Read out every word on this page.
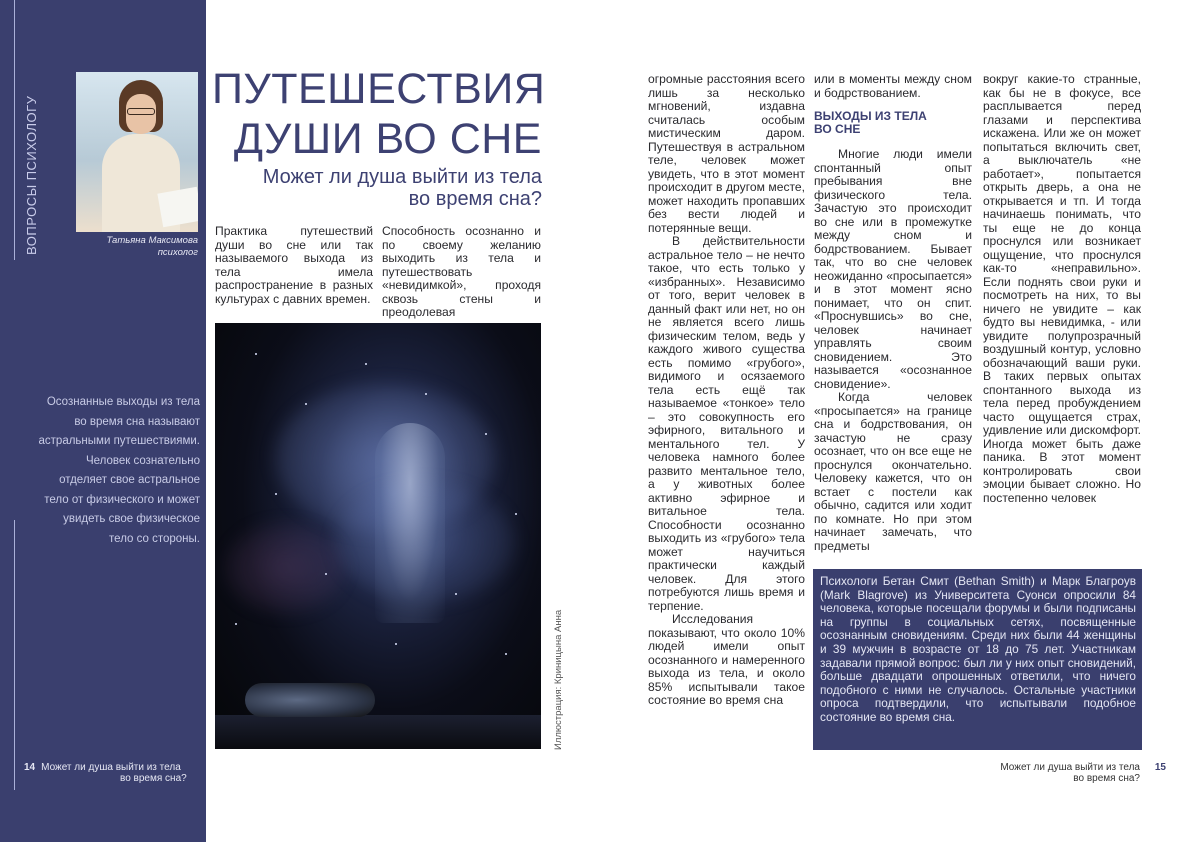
ВОПРОСЫ ПСИХОЛОГУ	Татьяна Максимова
психолог
Осознанные выходы из тела
во время сна называют
астральными путешествиями.
Человек сознательно
отделяет свое астральное
тело от физического и может
увидеть свое физическое
тело со стороны.
14 Может ли душа выйти из тела
во время сна?
ПУТЕШЕСТВИЯ
ДУШИ ВО СНЕ
Может ли душа выйти из тела
во время сна?

Практика путешествий души во сне или так называемого выхода из тела имела распространение в разных культурах с давних времен.

Способность осознанно и по своему желанию выходить из тела и путешествовать «невидимкой», проходя сквозь стены и преодолевая

Иллюстрация: Криницына Анна

огромные расстояния всего лишь за несколько мгновений, издавна считалась особым мистическим даром. Путешествуя в астральном теле, человек может увидеть, что в этот момент происходит в другом месте, может находить пропавших без вести людей и потерянные вещи.

В действительности астральное тело – не нечто такое, что есть только у «избранных». Независимо от того, верит человек в данный факт или нет, но он не является всего лишь физическим телом, ведь у каждого живого существа есть помимо «грубого», видимого и осязаемого тела есть ещё так называемое «тонкое» тело – это совокупность его эфирного, витального и ментального тел. У человека намного более развито ментальное тело, а у животных более активно эфирное и витальное тела. Способности осознанно выходить из «грубого» тела может научиться практически каждый человек. Для этого потребуются лишь время и терпение.

Исследования показывают, что около 10% людей имели опыт осознанного и намеренного выхода из тела, и около 85% испытывали такое состояние во время сна

или в моменты между сном и бодрствованием.

ВЫХОДЫ ИЗ ТЕЛА
ВО СНЕ

Многие люди имели спонтанный опыт пребывания вне физического тела. Зачастую это происходит во сне или в промежутке между сном и бодрствованием. Бывает так, что во сне человек неожиданно «просыпается» и в этот момент ясно понимает, что он спит. «Проснувшись» во сне, человек начинает управлять своим сновидением. Это называется «осознанное сновидение».

Когда человек «просыпается» на границе сна и бодрствования, он зачастую не сразу осознает, что он все еще не проснулся окончательно. Человеку кажется, что он встает с постели как обычно, садится или ходит по комнате. Но при этом начинает замечать, что предметы

вокруг какие-то странные, как бы не в фокусе, все расплывается перед глазами и перспектива искажена. Или же он может попытаться включить свет, а выключатель «не работает», попытается открыть дверь, а она не открывается и тп. И тогда начинаешь понимать, что ты еще не до конца проснулся или возникает ощущение, что проснулся как-то «неправильно». Если поднять свои руки и посмотреть на них, то вы ничего не увидите – как будто вы невидимка, - или увидите полупрозрачный воздушный контур, условно обозначающий ваши руки. В таких первых опытах спонтанного выхода из тела перед пробуждением часто ощущается страх, удивление или дискомфорт. Иногда может быть даже паника. В этот момент контролировать свои эмоции бывает сложно. Но постепенно человек

Психологи Бетан Смит (Bethan Smith) и Марк Благроув (Mark Blagrove) из Университета Суонси опросили 84 человека, которые посещали форумы и были подписаны на группы в социальных сетях, посвященные осознанным сновидениям. Среди них были 44 женщины и 39 мужчин в возрасте от 18 до 75 лет. Участникам задавали прямой вопрос: был ли у них опыт сновидений, больше двадцати опрошенных ответили, что ничего подобного с ними не случалось. Остальные участники опроса подтвердили, что испытывали подобное состояние во время сна.
15
Может ли душа выйти из тела
во время сна?
